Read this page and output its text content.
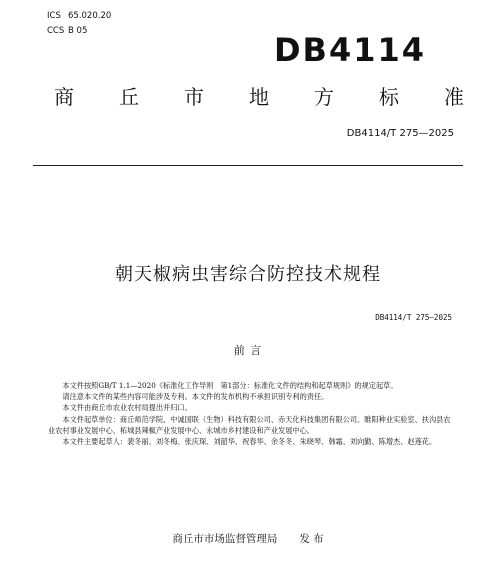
ICS 65.020.20
CCS B 05	DB4114
商 丘 市 地 方 标 准
DB4114/T 275—2025
朝天椒病虫害综合防控技术规程
DB4114/T 275—2025
前 言

本文件按照GB/T 1.1—2020《标准化工作导则　第1部分：标准化文件的结构和起草规则》的规定起草。

请注意本文件的某些内容可能涉及专利。本文件的发布机构不承担识别专利的责任。

本文件由商丘市农业农村局提出并归口。

本文件起草单位：商丘师范学院、中诚国联（生物）科技有限公司、赤天化科技集团有限公司、睢阳种业实验室、扶沟县农业农村事业发展中心、柘城县辣椒产业发展中心、永城市乡村建设和产业发展中心。

本文件主要起草人：裴冬丽、刘冬梅、张庆琛、刘韶华、祝春华、余冬冬、朱晓琴、韩霜、刘向勤、陈增杰、赵莲花。

商丘市市场监督管理局 发 布
